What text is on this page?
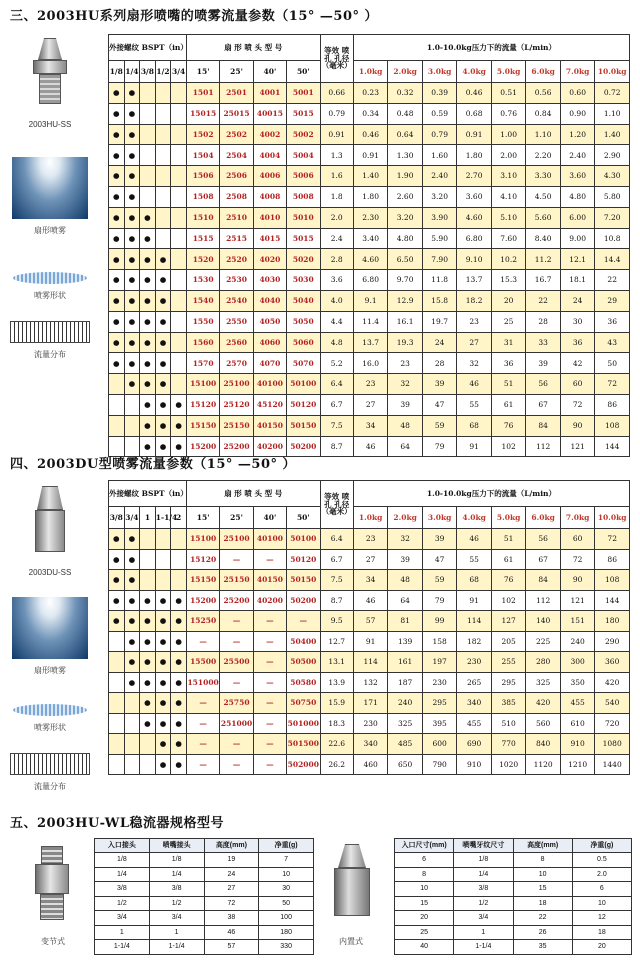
三、2003HU系列扇形喷嘴的喷雾流量参数（15° —50° ）
2003HU-SS
扇形喷雾
喷雾形状
流量分布
外接螺纹 BSPT（in）					扇 形 喷 头 型 号				等效 喷孔 孔径（毫米）	1.0-10.0kg压力下的流量（L/min）							
1/8	1/4	3/8	1/2	3/4	15'	25'	40'	50'		1.0kg	2.0kg	3.0kg	4.0kg	5.0kg	6.0kg	7.0kg	10.0kg
●	●				1501	2501	4001	5001	0.66	0.23	0.32	0.39	0.46	0.51	0.56	0.60	0.72
●	●				15015	25015	40015	5015	0.79	0.34	0.48	0.59	0.68	0.76	0.84	0.90	1.10
●	●				1502	2502	4002	5002	0.91	0.46	0.64	0.79	0.91	1.00	1.10	1.20	1.40
●	●				1504	2504	4004	5004	1.3	0.91	1.30	1.60	1.80	2.00	2.20	2.40	2.90
●	●				1506	2506	4006	5006	1.6	1.40	1.90	2.40	2.70	3.10	3.30	3.60	4.30
●	●				1508	2508	4008	5008	1.8	1.80	2.60	3.20	3.60	4.10	4.50	4.80	5.80
●	●	●			1510	2510	4010	5010	2.0	2.30	3.20	3.90	4.60	5.10	5.60	6.00	7.20
●	●	●			1515	2515	4015	5015	2.4	3.40	4.80	5.90	6.80	7.60	8.40	9.00	10.8
●	●	●	●		1520	2520	4020	5020	2.8	4.60	6.50	7.90	9.10	10.2	11.2	12.1	14.4
●	●	●	●		1530	2530	4030	5030	3.6	6.80	9.70	11.8	13.7	15.3	16.7	18.1	22
●	●	●	●		1540	2540	4040	5040	4.0	9.1	12.9	15.8	18.2	20	22	24	29
●	●	●	●		1550	2550	4050	5050	4.4	11.4	16.1	19.7	23	25	28	30	36
●	●	●	●		1560	2560	4060	5060	4.8	13.7	19.3	24	27	31	33	36	43
●	●	●	●		1570	2570	4070	5070	5.2	16.0	23	28	32	36	39	42	50
	●	●	●		15100	25100	40100	50100	6.4	23	32	39	46	51	56	60	72
		●	●	●	15120	25120	45120	50120	6.7	27	39	47	55	61	67	72	86
		●	●	●	15150	25150	40150	50150	7.5	34	48	59	68	76	84	90	108
		●	●	●	15200	25200	40200	50200	8.7	46	64	79	91	102	112	121	144
四、2003DU型喷雾流量参数（15° —50° ）
2003DU-SS
扇形喷雾
喷雾形状
流量分布
外接螺纹 BSPT（in）					扇 形 喷 头 型 号				等效 喷孔 孔径（毫米）	1.0-10.0kg压力下的流量（L/min）							
3/8	3/4	1	1-1/4	2	15'	25'	40'	50'		1.0kg	2.0kg	3.0kg	4.0kg	5.0kg	6.0kg	7.0kg	10.0kg
●	●				15100	25100	40100	50100	6.4	23	32	39	46	51	56	60	72
●	●				15120	—	—	50120	6.7	27	39	47	55	61	67	72	86
●	●				15150	25150	40150	50150	7.5	34	48	59	68	76	84	90	108
●	●	●	●	●	15200	25200	40200	50200	8.7	46	64	79	91	102	112	121	144
●	●	●	●	●	15250	—	—	—	9.5	57	81	99	114	127	140	151	180
	●	●	●	●	—	—	—	50400	12.7	91	139	158	182	205	225	240	290
	●	●	●	●	15500	25500	—	50500	13.1	114	161	197	230	255	280	300	360
	●	●	●	●	151000	—	—	50580	13.9	132	187	230	265	295	325	350	420
		●	●	●	—	25750	—	50750	15.9	171	240	295	340	385	420	455	540
		●	●	●	—	251000	—	501000	18.3	230	325	395	455	510	560	610	720
			●	●	—	—	—	501500	22.6	340	485	600	690	770	840	910	1080
			●	●	—	—	—	502000	26.2	460	650	790	910	1020	1120	1210	1440
五、2003HU-WL稳流器规格型号
变节式
入口接头	喷嘴接头	高度(mm)	净重(g)
1/8	1/8	19	7
1/4	1/4	24	10
3/8	3/8	27	30
1/2	1/2	72	50
3/4	3/4	38	100
1	1	46	180
1-1/4	1-1/4	57	330
内置式
入口尺寸(mm)	喷嘴牙纹尺寸	高度(mm)	净重(g)
6	1/8	8	0.5
8	1/4	10	2.0
10	3/8	15	6
15	1/2	18	10
20	3/4	22	12
25	1	26	18
40	1-1/4	35	20
